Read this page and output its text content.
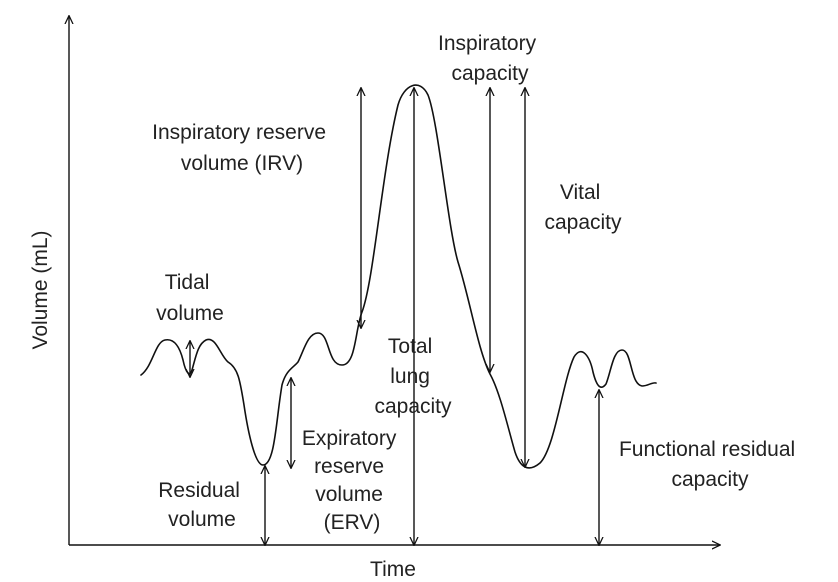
Time
Volume (mL)	Tidal volume
Inspiratory reserve volume (IRV)
Inspiratory capacity
Vital capacity
Total lung capacity
Expiratory reserve volume (ERV)
Residual volume
Functional residual capacity
